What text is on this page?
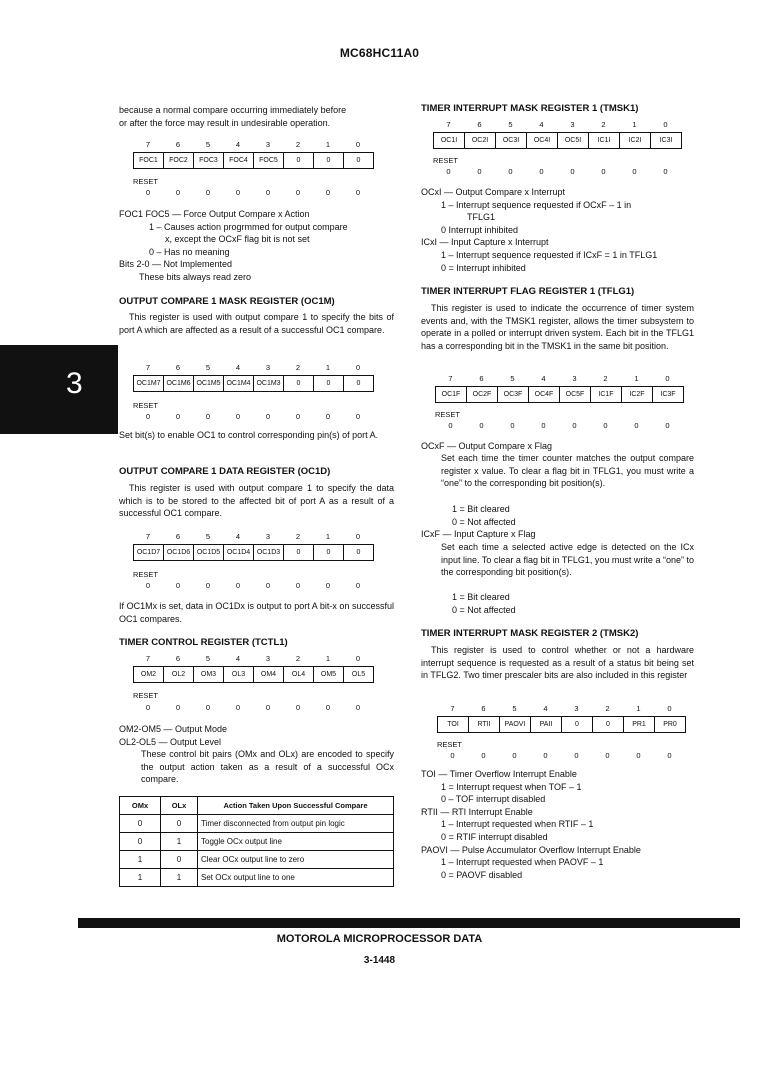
MC68HC11A0
3
because a normal compare occurring immediately before
or after the force may result in undesirable operation.
7	6	5	4	3	2	1	0
FOC1	FOC2	FOC3	FOC4	FOC5	0	0	0
RESET
0	0	0	0	0	0	0	0
FOC1 FOC5 — Force Output Compare x Action
1 – Causes action progrmmed for output compare
x, except the OCxF flag bit is not set
0 – Has no meaning
Bits 2-0 — Not Implemented
These bits always read zero
OUTPUT COMPARE 1 MASK REGISTER (OC1M)
This register is used with output compare 1 to specify the bits of port A which are affected as a result of a successful OC1 compare.
7	6	5	4	3	2	1	0
OC1M7 OC1M6 OC1M5 OC1M4 OC1M3	0	0	0
RESET
0	0	0	0	0	0	0	0
Set bit(s) to enable OC1 to control corresponding pin(s) of port A.
OUTPUT COMPARE 1 DATA REGISTER (OC1D)
This register is used with output compare 1 to specify the data which is to be stored to the affected bit of port A as a result of a successful OC1 compare.
7	6	5	4	3	2	1	0
OC1D7 OC1D6 OC1D5 OC1D4 OC1D3	0	0	0
RESET
0	0	0	0	0	0	0	0
If OC1Mx is set, data in OC1Dx is output to port A bit-x on successful OC1 compares.
TIMER CONTROL REGISTER (TCTL1)
7	6	5	4	3	2	1	0
OM2	OL2	OM3	OL3	OM4	OL4	OM5	OL5
RESET
0	0	0	0	0	0	0	0
OM2-OM5 — Output Mode
OL2-OL5 — Output Level
These control bit pairs (OMx and OLx) are encoded to specify the output action taken as a result of a successful OCx compare.
OMx	OLx	Action Taken Upon Successful Compare
0	0	Timer disconnected from output pin logic
0	1	Toggle OCx output line
1	0	Clear OCx output line to zero
1	1	Set OCx output line to one
TIMER INTERRUPT MASK REGISTER 1 (TMSK1)
7	6	5	4	3	2	1	0
OC1I	OC2I	OC3I	OC4I	OC5I	IC1I	IC2I	IC3I
RESET
0	0	0	0	0	0	0	0
OCxI — Output Compare x Interrupt
1 – Interrupt sequence requested if OCxF – 1 in
TFLG1
0 Interrupt inhibited
ICxI — Input Capture x Interrupt
1 – Interrupt sequence requested if ICxF = 1 in TFLG1
0 = Interrupt inhibited
TIMER INTERRUPT FLAG REGISTER 1 (TFLG1)
This register is used to indicate the occurrence of timer system events and, with the TMSK1 register, allows the timer subsystem to operate in a polled or interrupt driven system. Each bit in the TFLG1 has a corresponding bit in the TMSK1 in the same bit position.
7	6	5	4	3	2	1	0
OC1F	OC2F	OC3F	OC4F	OC5F	IC1F	IC2F	IC3F
RESET
0	0	0	0	0	0	0	0
OCxF — Output Compare x Flag
Set each time the timer counter matches the output compare register x value. To clear a flag bit in TFLG1, you must write a “one” to the corresponding bit position(s).
1 = Bit cleared
0 = Not affected
ICxF — Input Capture x Flag
Set each time a selected active edge is detected on the ICx input line. To clear a flag bit in TFLG1, you must write a “one” to the corresponding bit position(s).
1 = Bit cleared
0 = Not affected
TIMER INTERRUPT MASK REGISTER 2 (TMSK2)
This register is used to control whether or not a hardware interrupt sequence is requested as a result of a status bit being set in TFLG2. Two timer prescaler bits are also included in this register
7	6	5	4	3	2	1	0
TOI	RTII	PAOVI	PAII	0	0	PR1	PR0
RESET
0	0	0	0	0	0	0	0
TOI — Timer Overflow Interrupt Enable
1 = Interrupt request when TOF – 1
0 – TOF interrupt disabled
RTII — RTI Interrupt Enable
1 – Interrupt requested when RTIF – 1
0 = RTIF interrupt disabled
PAOVI — Pulse Accumulator Overflow Interrupt Enable
1 – Interrupt requested when PAOVF – 1
0 = PAOVF disabled
MOTOROLA MICROPROCESSOR DATA
3-1448
